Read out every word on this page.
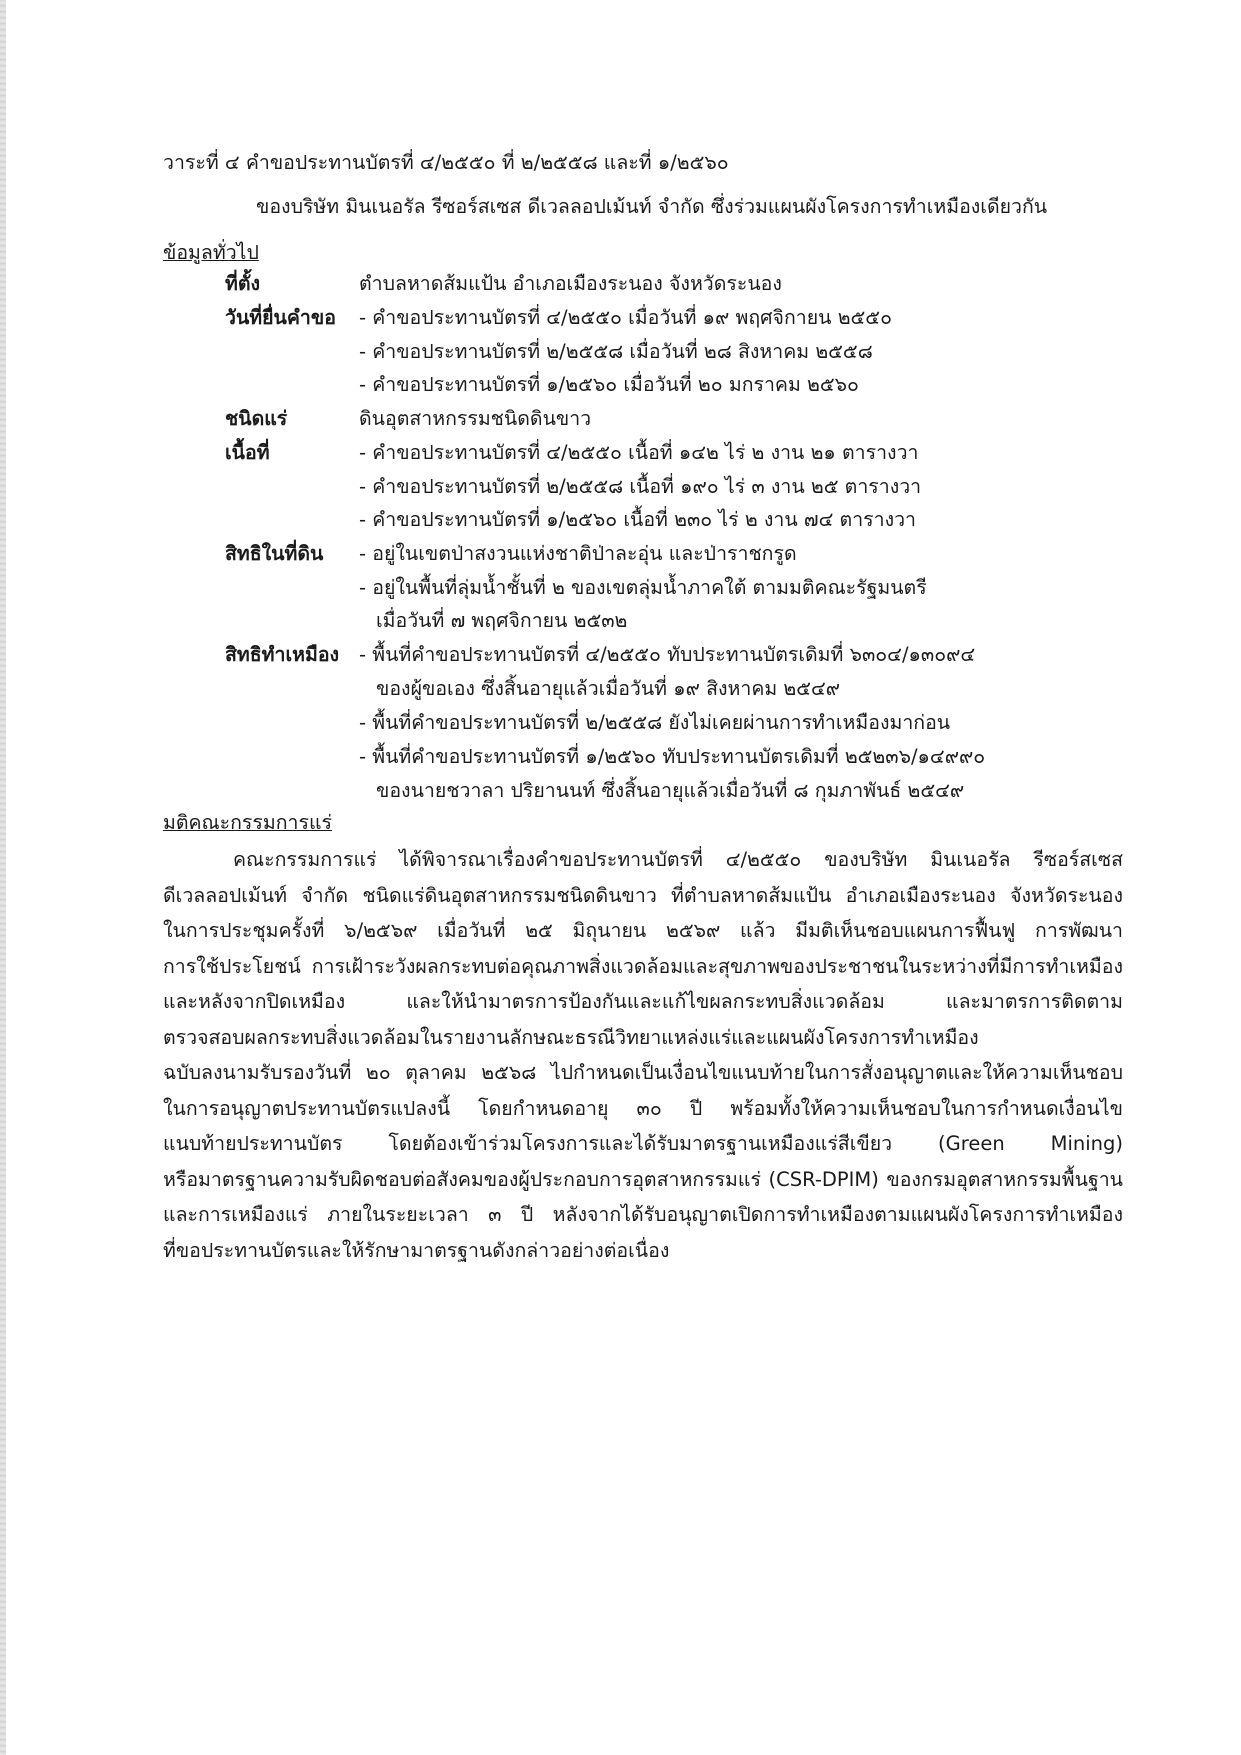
วาระที่ ๔ คำขอประทานบัตรที่ ๔/๒๕๕๐ ที่ ๒/๒๕๕๘ และที่ ๑/๒๕๖๐
ของบริษัท มินเนอรัล รีซอร์สเซส ดีเวลลอปเม้นท์ จำกัด ซึ่งร่วมแผนผังโครงการทำเหมืองเดียวกัน
ข้อมูลทั่วไป
ที่ตั้ง	ตำบลหาดส้มแป้น อำเภอเมืองระนอง จังหวัดระนอง
วันที่ยื่นคำขอ - คำขอประทานบัตรที่ ๔/๒๕๕๐ เมื่อวันที่ ๑๙ พฤศจิกายน ๒๕๕๐
- คำขอประทานบัตรที่ ๒/๒๕๕๘ เมื่อวันที่ ๒๘ สิงหาคม ๒๕๕๘
- คำขอประทานบัตรที่ ๑/๒๕๖๐ เมื่อวันที่ ๒๐ มกราคม ๒๕๖๐
ชนิดแร่	ดินอุตสาหกรรมชนิดดินขาว
เนื้อที่	- คำขอประทานบัตรที่ ๔/๒๕๕๐ เนื้อที่ ๑๔๒ ไร่ ๒ งาน ๒๑ ตารางวา
- คำขอประทานบัตรที่ ๒/๒๕๕๘ เนื้อที่ ๑๙๐ ไร่ ๓ งาน ๒๕ ตารางวา
- คำขอประทานบัตรที่ ๑/๒๕๖๐ เนื้อที่ ๒๓๐ ไร่ ๒ งาน ๗๔ ตารางวา
สิทธิในที่ดิน - อยู่ในเขตป่าสงวนแห่งชาติป่าละอุ่น และป่าราชกรูด
- อยู่ในพื้นที่ลุ่มน้ำชั้นที่ ๒ ของเขตลุ่มน้ำภาคใต้ ตามมติคณะรัฐมนตรี
เมื่อวันที่ ๗ พฤศจิกายน ๒๕๓๒
สิทธิทำเหมือง - พื้นที่คำขอประทานบัตรที่ ๔/๒๕๕๐ ทับประทานบัตรเดิมที่ ๖๓๐๔/๑๓๐๙๔
ของผู้ขอเอง ซึ่งสิ้นอายุแล้วเมื่อวันที่ ๑๙ สิงหาคม ๒๕๔๙
- พื้นที่คำขอประทานบัตรที่ ๒/๒๕๕๘ ยังไม่เคยผ่านการทำเหมืองมาก่อน
- พื้นที่คำขอประทานบัตรที่ ๑/๒๕๖๐ ทับประทานบัตรเดิมที่ ๒๕๒๓๖/๑๔๙๙๐
ของนายชวาลา ปริยานนท์ ซึ่งสิ้นอายุแล้วเมื่อวันที่ ๘ กุมภาพันธ์ ๒๕๔๙
มติคณะกรรมการแร่
คณะกรรมการแร่ ได้พิจารณาเรื่องคำขอประทานบัตรที่ ๔/๒๕๕๐ ของบริษัท มินเนอรัล รีซอร์สเซส
ดีเวลลอปเม้นท์ จำกัด ชนิดแร่ดินอุตสาหกรรมชนิดดินขาว ที่ตำบลหาดส้มแป้น อำเภอเมืองระนอง จังหวัดระนอง
ในการประชุมครั้งที่ ๖/๒๕๖๙ เมื่อวันที่ ๒๕ มิถุนายน ๒๕๖๙ แล้ว มีมติเห็นชอบแผนการฟื้นฟู การพัฒนา
การใช้ประโยชน์ การเฝ้าระวังผลกระทบต่อคุณภาพสิ่งแวดล้อมและสุขภาพของประชาชนในระหว่างที่มีการทำเหมือง
และหลังจากปิดเหมือง และให้นำมาตรการป้องกันและแก้ไขผลกระทบสิ่งแวดล้อม และมาตรการติดตาม
ตรวจสอบผลกระทบสิ่งแวดล้อมในรายงานลักษณะธรณีวิทยาแหล่งแร่และแผนผังโครงการทำเหมือง
ฉบับลงนามรับรองวันที่ ๒๐ ตุลาคม ๒๕๖๘ ไปกำหนดเป็นเงื่อนไขแนบท้ายในการสั่งอนุญาตและให้ความเห็นชอบ
ในการอนุญาตประทานบัตรแปลงนี้ โดยกำหนดอายุ ๓๐ ปี พร้อมทั้งให้ความเห็นชอบในการกำหนดเงื่อนไข
แนบท้ายประทานบัตร โดยต้องเข้าร่วมโครงการและได้รับมาตรฐานเหมืองแร่สีเขียว (Green Mining)
หรือมาตรฐานความรับผิดชอบต่อสังคมของผู้ประกอบการอุตสาหกรรมแร่ (CSR-DPIM) ของกรมอุตสาหกรรมพื้นฐาน
และการเหมืองแร่ ภายในระยะเวลา ๓ ปี หลังจากได้รับอนุญาตเปิดการทำเหมืองตามแผนผังโครงการทำเหมือง
ที่ขอประทานบัตรและให้รักษามาตรฐานดังกล่าวอย่างต่อเนื่อง
